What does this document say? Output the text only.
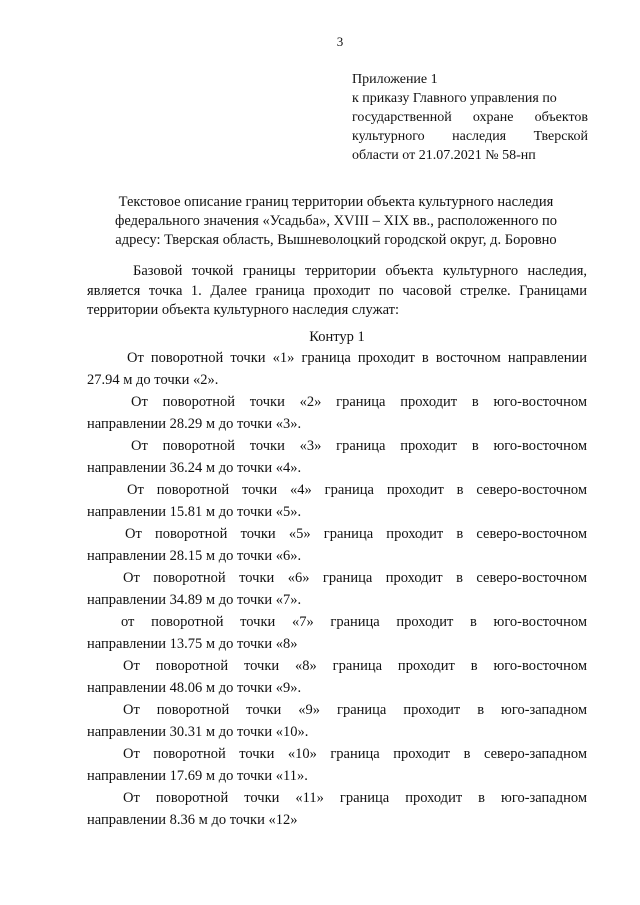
3
Приложение 1
к приказу Главного управления по
государственной охране объектов
культурного наследия Тверской
области от 21.07.2021 № 58-нп
Текстовое описание границ территории объекта культурного наследия
федерального значения «Усадьба», XVIII – XIX вв., расположенного по
адресу: Тверская область, Вышневолоцкий городской округ, д. Боровно
Базовой точкой границы территории объекта культурного наследия,
является точка 1. Далее граница проходит по часовой стрелке. Границами
территории объекта культурного наследия служат:
Контур 1
От поворотной точки «1» граница проходит в восточном направлении
27.94 м до точки «2».
От поворотной точки «2» граница проходит в юго-восточном
направлении 28.29 м до точки «3».
От поворотной точки «3» граница проходит в юго-восточном
направлении 36.24 м до точки «4».
От поворотной точки «4» граница проходит в северо-восточном
направлении 15.81 м до точки «5».
От поворотной точки «5» граница проходит в северо-восточном
направлении 28.15 м до точки «6».
От поворотной точки «6» граница проходит в северо-восточном
направлении 34.89 м до точки «7».
от поворотной точки «7» граница проходит в юго-восточном
направлении 13.75 м до точки «8»
От поворотной точки «8» граница проходит в юго-восточном
направлении 48.06 м до точки «9».
От поворотной точки «9» граница проходит в юго-западном
направлении 30.31 м до точки «10».
От поворотной точки «10» граница проходит в северо-западном
направлении 17.69 м до точки «11».
От поворотной точки «11» граница проходит в юго-западном
направлении 8.36 м до точки «12»
